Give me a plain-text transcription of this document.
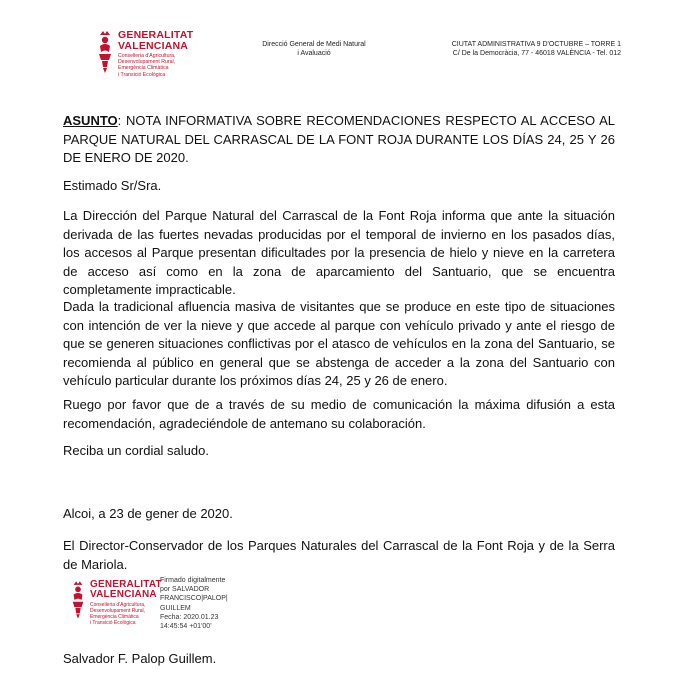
GENERALITAT
VALENCIANA
Conselleria d'Agricultura,
Desenvolupament Rural,
Emergència Climàtica
i Transició Ecològica
Direcció General de Medi Natural
i Avaluació
CIUTAT ADMINISTRATIVA 9 D'OCTUBRE – TORRE 1
C/ De la Democràcia, 77 - 46018 VALÈNCIA - Tel. 012

ASUNTO: NOTA INFORMATIVA SOBRE RECOMENDACIONES RESPECTO AL ACCESO AL PARQUE NATURAL DEL CARRASCAL DE LA FONT ROJA DURANTE LOS DÍAS 24, 25 Y 26 DE ENERO DE 2020.

Estimado Sr/Sra.

La Dirección del Parque Natural del Carrascal de la Font Roja informa que ante la situación derivada de las fuertes nevadas producidas por el temporal de invierno en los pasados días, los accesos al Parque presentan dificultades por la presencia de hielo y nieve en la carretera de acceso así como en la zona de aparcamiento del Santuario, que se encuentra completamente impracticable.

Dada la tradicional afluencia masiva de visitantes que se produce en este tipo de situaciones con intención de ver la nieve y que accede al parque con vehículo privado y ante el riesgo de que se generen situaciones conflictivas por el atasco de vehículos en la zona del Santuario, se recomienda al público en general que se abstenga de acceder a la zona del Santuario con vehículo particular durante los próximos días 24, 25 y 26 de enero.

Ruego por favor que de a través de su medio de comunicación la máxima difusión a esta recomendación, agradeciéndole de antemano su colaboración.

Reciba un cordial saludo.

Alcoi, a 23 de gener de 2020.

El Director-Conservador de los Parques Naturales del Carrascal de la Font Roja y de la Serra de Mariola.

GENERALITAT
VALENCIANA
Conselleria d'Agricultura,
Desenvolupament Rural,
Emergència Climàtica
i Transició Ecològica
Firmado digitalmente
por SALVADOR
FRANCISCO|PALOP|
GUILLEM
Fecha: 2020.01.23
14:45:54 +01'00'

Salvador F. Palop Guillem.
